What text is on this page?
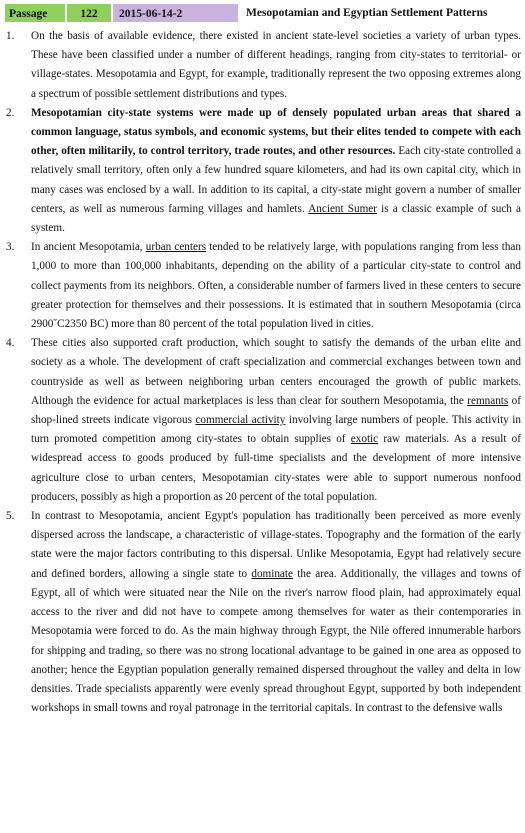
Passage	122	2015-06-14-2	Mesopotamian and Egyptian Settlement Patterns
1.	On the basis of available evidence, there existed in ancient state-level societies a variety of urban types. These have been classified under a number of different headings, ranging from city-states to territorial- or village-states. Mesopotamia and Egypt, for example, traditionally represent the two opposing extremes along a spectrum of possible settlement distributions and types.
2.	Mesopotamian city-state systems were made up of densely populated urban areas that shared a common language, status symbols, and economic systems, but their elites tended to compete with each other, often militarily, to control territory, trade routes, and other resources. Each city-state controlled a relatively small territory, often only a few hundred square kilometers, and had its own capital city, which in many cases was enclosed by a wall. In addition to its capital, a city-state might govern a number of smaller centers, as well as numerous farming villages and hamlets. Ancient Sumer is a classic example of such a system.
3.	In ancient Mesopotamia, urban centers tended to be relatively large, with populations ranging from less than 1,000 to more than 100,000 inhabitants, depending on the ability of a particular city-state to control and collect payments from its neighbors. Often, a considerable number of farmers lived in these centers to secure greater protection for themselves and their possessions. It is estimated that in southern Mesopotamia (circa 2900˘C2350 BC) more than 80 percent of the total population lived in cities.
4.	These cities also supported craft production, which sought to satisfy the demands of the urban elite and society as a whole. The development of craft specialization and commercial exchanges between town and countryside as well as between neighboring urban centers encouraged the growth of public markets. Although the evidence for actual marketplaces is less than clear for southern Mesopotamia, the remnants of shop-lined streets indicate vigorous commercial activity involving large numbers of people. This activity in turn promoted competition among city-states to obtain supplies of exotic raw materials. As a result of widespread access to goods produced by full-time specialists and the development of more intensive agriculture close to urban centers, Mesopotamian city-states were able to support numerous nonfood producers, possibly as high a proportion as 20 percent of the total population.
5.	In contrast to Mesopotamia, ancient Egypt's population has traditionally been perceived as more evenly dispersed across the landscape, a characteristic of village-states. Topography and the formation of the early state were the major factors contributing to this dispersal. Unlike Mesopotamia, Egypt had relatively secure and defined borders, allowing a single state to dominate the area. Additionally, the villages and towns of Egypt, all of which were situated near the Nile on the river's narrow flood plain, had approximately equal access to the river and did not have to compete among themselves for water as their contemporaries in Mesopotamia were forced to do. As the main highway through Egypt, the Nile offered innumerable harbors for shipping and trading, so there was no strong locational advantage to be gained in one area as opposed to another; hence the Egyptian population generally remained dispersed throughout the valley and delta in low densities. Trade specialists apparently were evenly spread throughout Egypt, supported by both independent workshops in small towns and royal patronage in the territorial capitals. In contrast to the defensive walls
